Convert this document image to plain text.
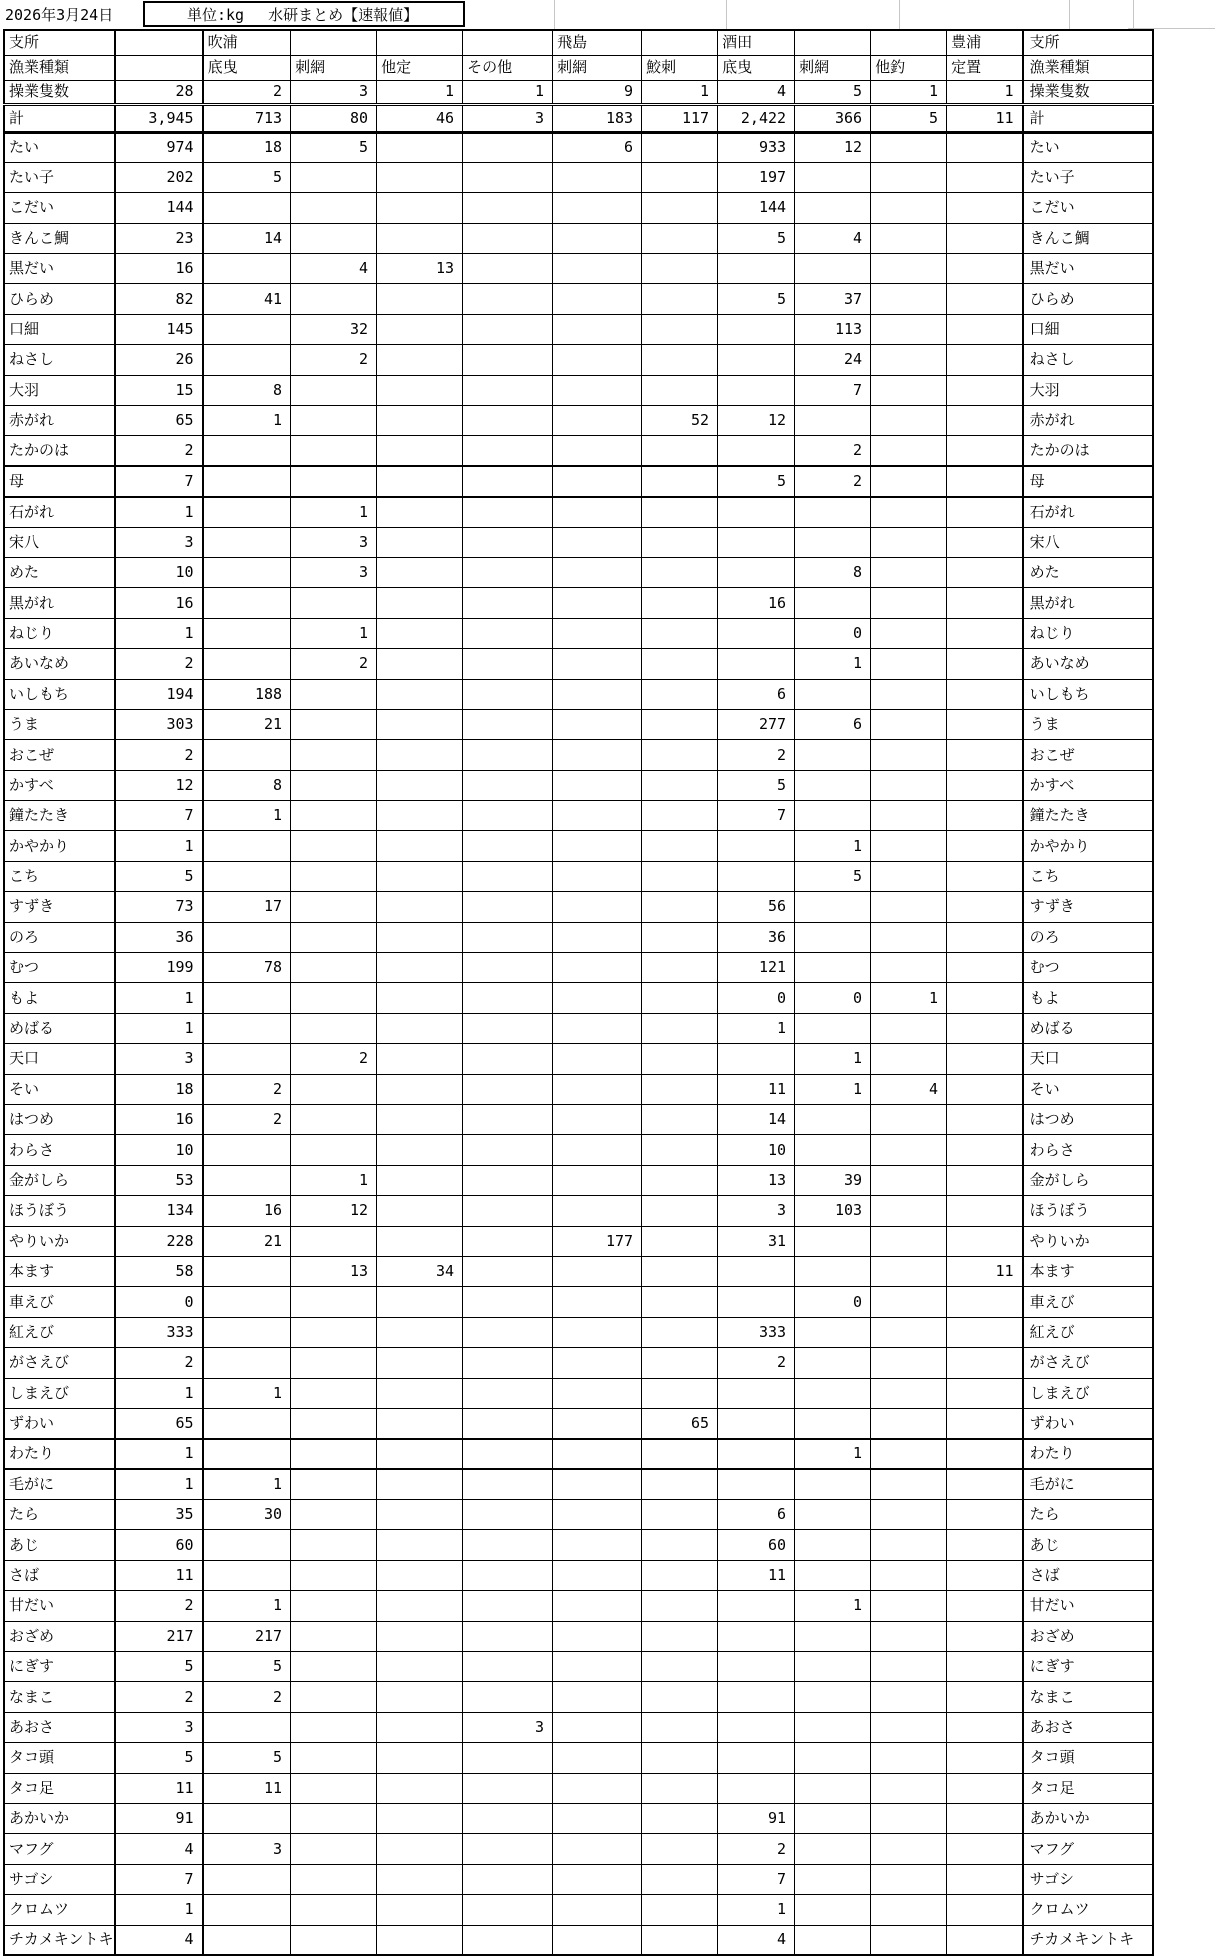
2026年3月24日	単位:kg 水研まとめ【速報値】
支所		吹浦				飛島		酒田			豊浦	支所
漁業種類		底曳	刺網	他定	その他	刺網	鮫刺	底曳	刺網	他釣	定置	漁業種類
操業隻数	28	2	3	1	1	9	1	4	5	1	1	操業隻数
計	3,945	713	80	46	3	183	117	2,422	366	5	11	計
たい	974	18	5			6		933	12			たい
たい子	202	5						197				たい子
こだい	144							144				こだい
きんこ鯛	23	14						5	4			きんこ鯛
黒だい	16		4	13								黒だい
ひらめ	82	41						5	37			ひらめ
口細	145		32						113			口細
ねさし	26		2						24			ねさし
大羽	15	8							7			大羽
赤がれ	65	1					52	12				赤がれ
たかのは	2								2			たかのは
母	7							5	2			母
石がれ	1		1									石がれ
宋八	3		3									宋八
めた	10		3						8			めた
黒がれ	16							16				黒がれ
ねじり	1		1						0			ねじり
あいなめ	2		2						1			あいなめ
いしもち	194	188						6				いしもち
うま	303	21						277	6			うま
おこぜ	2							2				おこぜ
かすべ	12	8						5				かすべ
鐘たたき	7	1						7				鐘たたき
かやかり	1								1			かやかり
こち	5								5			こち
すずき	73	17						56				すずき
のろ	36							36				のろ
むつ	199	78						121				むつ
もよ	1							0	0	1		もよ
めばる	1							1				めばる
天口	3		2						1			天口
そい	18	2						11	1	4		そい
はつめ	16	2						14				はつめ
わらさ	10							10				わらさ
金がしら	53		1					13	39			金がしら
ほうぼう	134	16	12					3	103			ほうぼう
やりいか	228	21				177		31				やりいか
本ます	58		13	34							11	本ます
車えび	0								0			車えび
紅えび	333							333				紅えび
がさえび	2							2				がさえび
しまえび	1	1										しまえび
ずわい	65						65					ずわい
わたり	1								1			わたり
毛がに	1	1										毛がに
たら	35	30						6				たら
あじ	60							60				あじ
さば	11							11				さば
甘だい	2	1							1			甘だい
おざめ	217	217										おざめ
にぎす	5	5										にぎす
なまこ	2	2										なまこ
あおさ	3				3							あおさ
タコ頭	5	5										タコ頭
タコ足	11	11										タコ足
あかいか	91							91				あかいか
マフグ	4	3						2				マフグ
サゴシ	7							7				サゴシ
クロムツ	1							1				クロムツ
チカメキントキ	4							4				チカメキントキ
